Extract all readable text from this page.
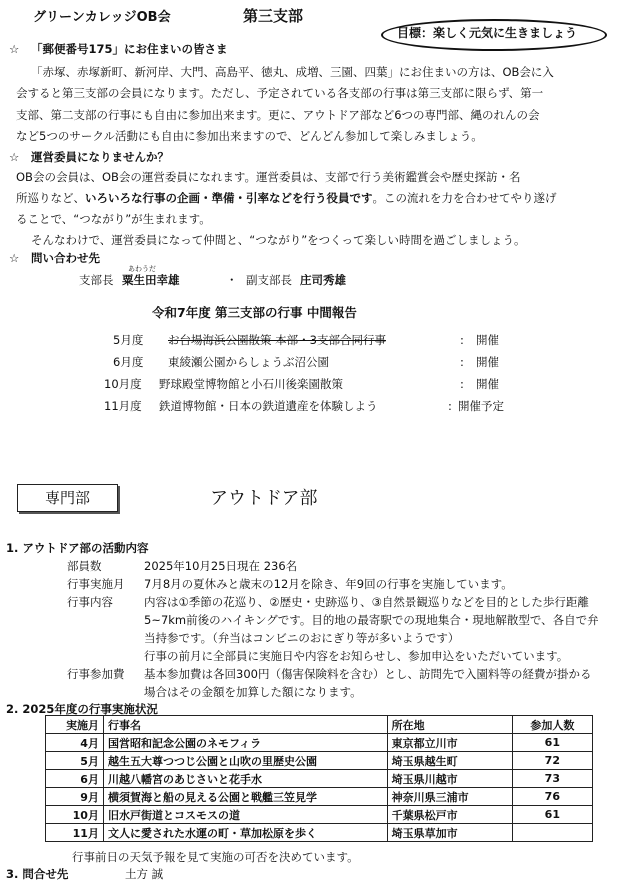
グリーンカレッジOB会	第三支部
目標：楽しく元気に生きましょう
☆ 「郵便番号175」にお住まいの皆さま
「赤塚、赤塚新町、新河岸、大門、高島平、徳丸、成増、三園、四葉」にお住まいの方は、OB会に入
会すると第三支部の会員になります。ただし、予定されている各支部の行事は第三支部に限らず、第一
支部、第二支部の行事にも自由に参加出来ます。更に、アウトドア部など6つの専門部、縄のれんの会
など5つのサークル活動にも自由に参加出来ますので、どんどん参加して楽しみましょう。
☆ 運営委員になりませんか？
OB会の会員は、OB会の運営委員になれます。運営委員は、支部で行う美術鑑賞会や歴史探訪・名
所巡りなど、いろいろな行事の企画・準備・引率などを行う役員です。この流れを力を合わせてやり遂げ
ることで、“つながり”が生まれます。
そんなわけで、運営委員になって仲間と、“つながり”をつくって楽しい時間を過ごしましょう。
☆ 問い合わせ先
あわうだ
支部長 粟生田幸雄	・ 副支部長 庄司秀雄
令和7年度 第三支部の行事 中間報告
5月度 お台場海浜公園散策 本部・3支部合同行事	: 開催
6月度 東綾瀬公園からしょうぶ沼公園	: 開催
10月度 野球殿堂博物館と小石川後楽園散策	: 開催
11月度 鉄道博物館・日本の鉄道遺産を体験しよう	: 開催予定
専門部	アウトドア部
1. アウトドア部の活動内容
部員数	2025年10月25日現在 236名
行事実施月 7月8月の夏休みと歳末の12月を除き、年9回の行事を実施しています。
行事内容	内容は①季節の花巡り、②歴史・史跡巡り、③自然景観巡りなどを目的とした歩行距離
5~7km前後のハイキングです。目的地の最寄駅での現地集合・現地解散型で、各自で弁
当持参です。（弁当はコンビニのおにぎり等が多いようです）
行事の前月に全部員に実施日や内容をお知らせし、参加申込をいただいています。
行事参加費 基本参加費は各回300円（傷害保険料を含む）とし、訪問先で入園料等の経費が掛かる
場合はその金額を加算した額になります。
2. 2025年度の行事実施状況
実施月	行事名	所在地	参加人数
4月	国営昭和記念公園のネモフィラ	東京都立川市	61
5月	越生五大尊つつじ公園と山吹の里歴史公園	埼玉県越生町	72
6月	川越八幡宮のあじさいと花手水	埼玉県川越市	73
9月	横須賀海と船の見える公園と戦艦三笠見学	神奈川県三浦市	76
10月	旧水戸街道とコスモスの道	千葉県松戸市	61
11月	文人に愛された水運の町・草加松原を歩く	埼玉県草加市	
行事前日の天気予報を見て実施の可否を決めています。
3. 問合せ先	土方 誠
